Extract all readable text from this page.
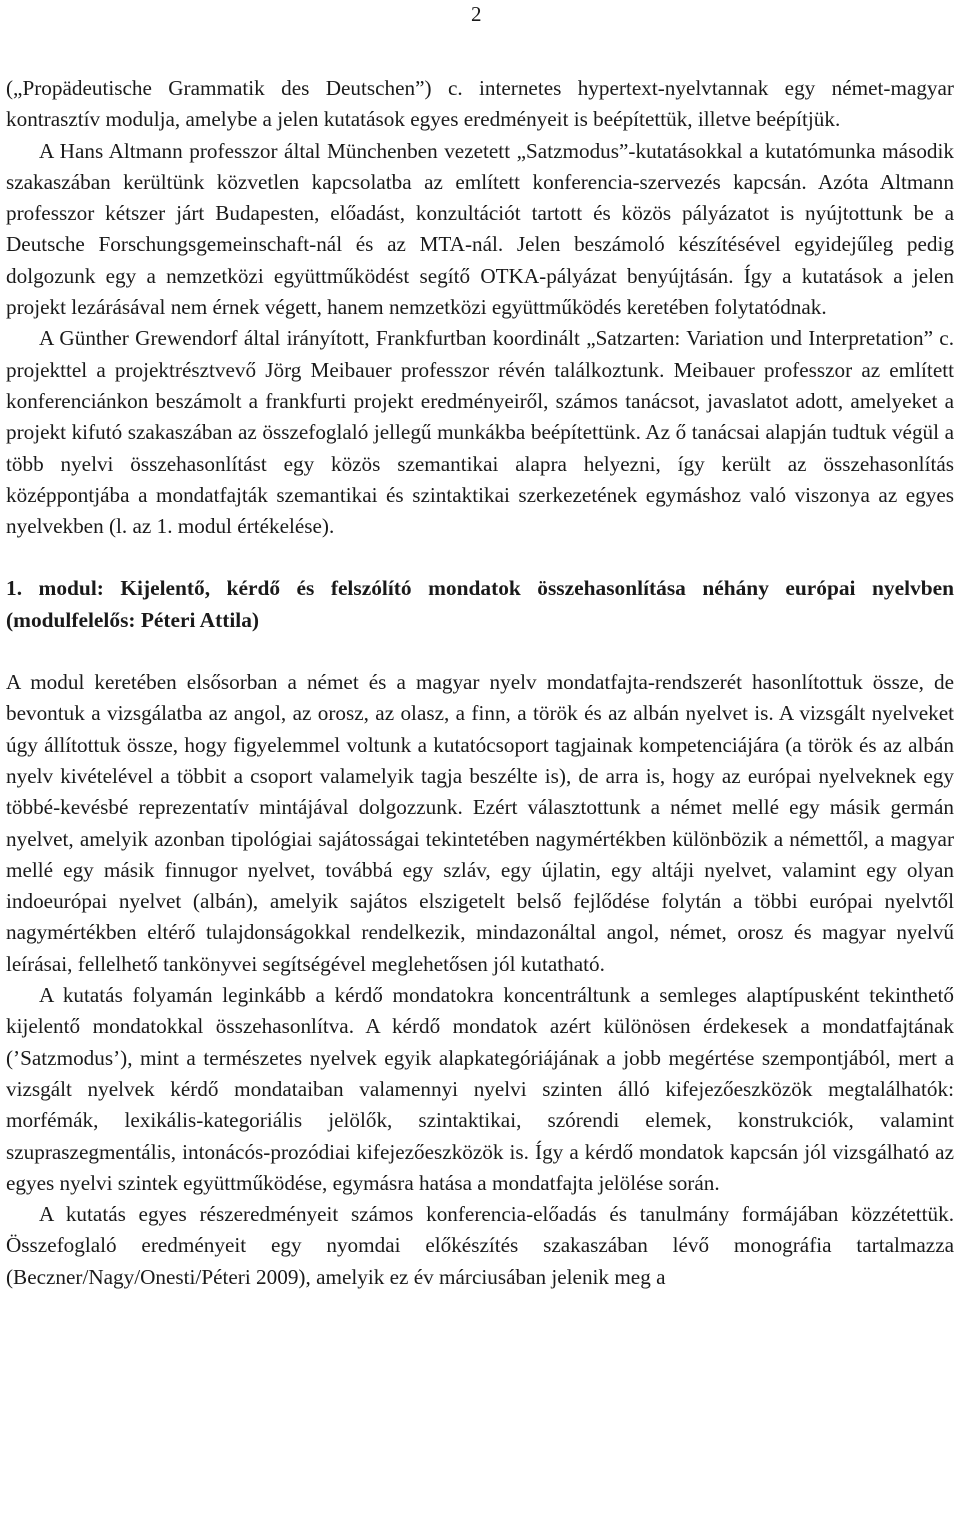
2

(„Propädeutische Grammatik des Deutschen”) c. internetes hypertext-nyelvtannak egy német-magyar kontrasztív modulja, amelybe a jelen kutatások egyes eredményeit is beépítettük, illetve beépítjük.

A Hans Altmann professzor által Münchenben vezetett „Satzmodus”-kutatásokkal a kutatómunka második szakaszában kerültünk közvetlen kapcsolatba az említett konferencia-szervezés kapcsán. Azóta Altmann professzor kétszer járt Budapesten, előadást, konzultációt tartott és közös pályázatot is nyújtottunk be a Deutsche Forschungsgemeinschaft-nál és az MTA-nál. Jelen beszámoló készítésével egyidejűleg pedig dolgozunk egy a nemzetközi együttműködést segítő OTKA-pályázat benyújtásán. Így a kutatások a jelen projekt lezárásával nem érnek végett, hanem nemzetközi együttműködés keretében folytatódnak.

A Günther Grewendorf által irányított, Frankfurtban koordinált „Satzarten: Variation und Interpretation” c. projekttel a projektrésztvevő Jörg Meibauer professzor révén találkoztunk. Meibauer professzor az említett konferenciánkon beszámolt a frankfurti projekt eredményeiről, számos tanácsot, javaslatot adott, amelyeket a projekt kifutó szakaszában az összefoglaló jellegű munkákba beépítettünk. Az ő tanácsai alapján tudtuk végül a több nyelvi összehasonlítást egy közös szemantikai alapra helyezni, így került az összehasonlítás középpontjába a mondatfajták szemantikai és szintaktikai szerkezetének egymáshoz való viszonya az egyes nyelvekben (l. az 1. modul értékelése).

1. modul: Kijelentő, kérdő és felszólító mondatok összehasonlítása néhány európai nyelvben (modulfelelős: Péteri Attila)

A modul keretében elsősorban a német és a magyar nyelv mondatfajta-rendszerét hasonlítottuk össze, de bevontuk a vizsgálatba az angol, az orosz, az olasz, a finn, a török és az albán nyelvet is. A vizsgált nyelveket úgy állítottuk össze, hogy figyelemmel voltunk a kutatócsoport tagjainak kompetenciájára (a török és az albán nyelv kivételével a többit a csoport valamelyik tagja beszélte is), de arra is, hogy az európai nyelveknek egy többé-kevésbé reprezentatív mintájával dolgozzunk. Ezért választottunk a német mellé egy másik germán nyelvet, amelyik azonban tipológiai sajátosságai tekintetében nagymértékben különbözik a némettől, a magyar mellé egy másik finnugor nyelvet, továbbá egy szláv, egy újlatin, egy altáji nyelvet, valamint egy olyan indoeurópai nyelvet (albán), amelyik sajátos elszigetelt belső fejlődése folytán a többi európai nyelvtől nagymértékben eltérő tulajdonságokkal rendelkezik, mindazonáltal angol, német, orosz és magyar nyelvű leírásai, fellelhető tankönyvei segítségével meglehetősen jól kutatható.

A kutatás folyamán leginkább a kérdő mondatokra koncentráltunk a semleges alaptípusként tekinthető kijelentő mondatokkal összehasonlítva. A kérdő mondatok azért különösen érdekesek a mondatfajtának (’Satzmodus’), mint a természetes nyelvek egyik alapkategóriájának a jobb megértése szempontjából, mert a vizsgált nyelvek kérdő mondataiban valamennyi nyelvi szinten álló kifejezőeszközök megtalálhatók: morfémák, lexikális-kategoriális jelölők, szintaktikai, szórendi elemek, konstrukciók, valamint szupraszegmentális, intonácós-prozódiai kifejezőeszközök is. Így a kérdő mondatok kapcsán jól vizsgálható az egyes nyelvi szintek együttműködése, egymásra hatása a mondatfajta jelölése során.

A kutatás egyes részeredményeit számos konferencia-előadás és tanulmány formájában közzétettük. Összefoglaló eredményeit egy nyomdai előkészítés szakaszában lévő monográfia tartalmazza (Beczner/Nagy/Onesti/Péteri 2009), amelyik ez év márciusában jelenik meg a
